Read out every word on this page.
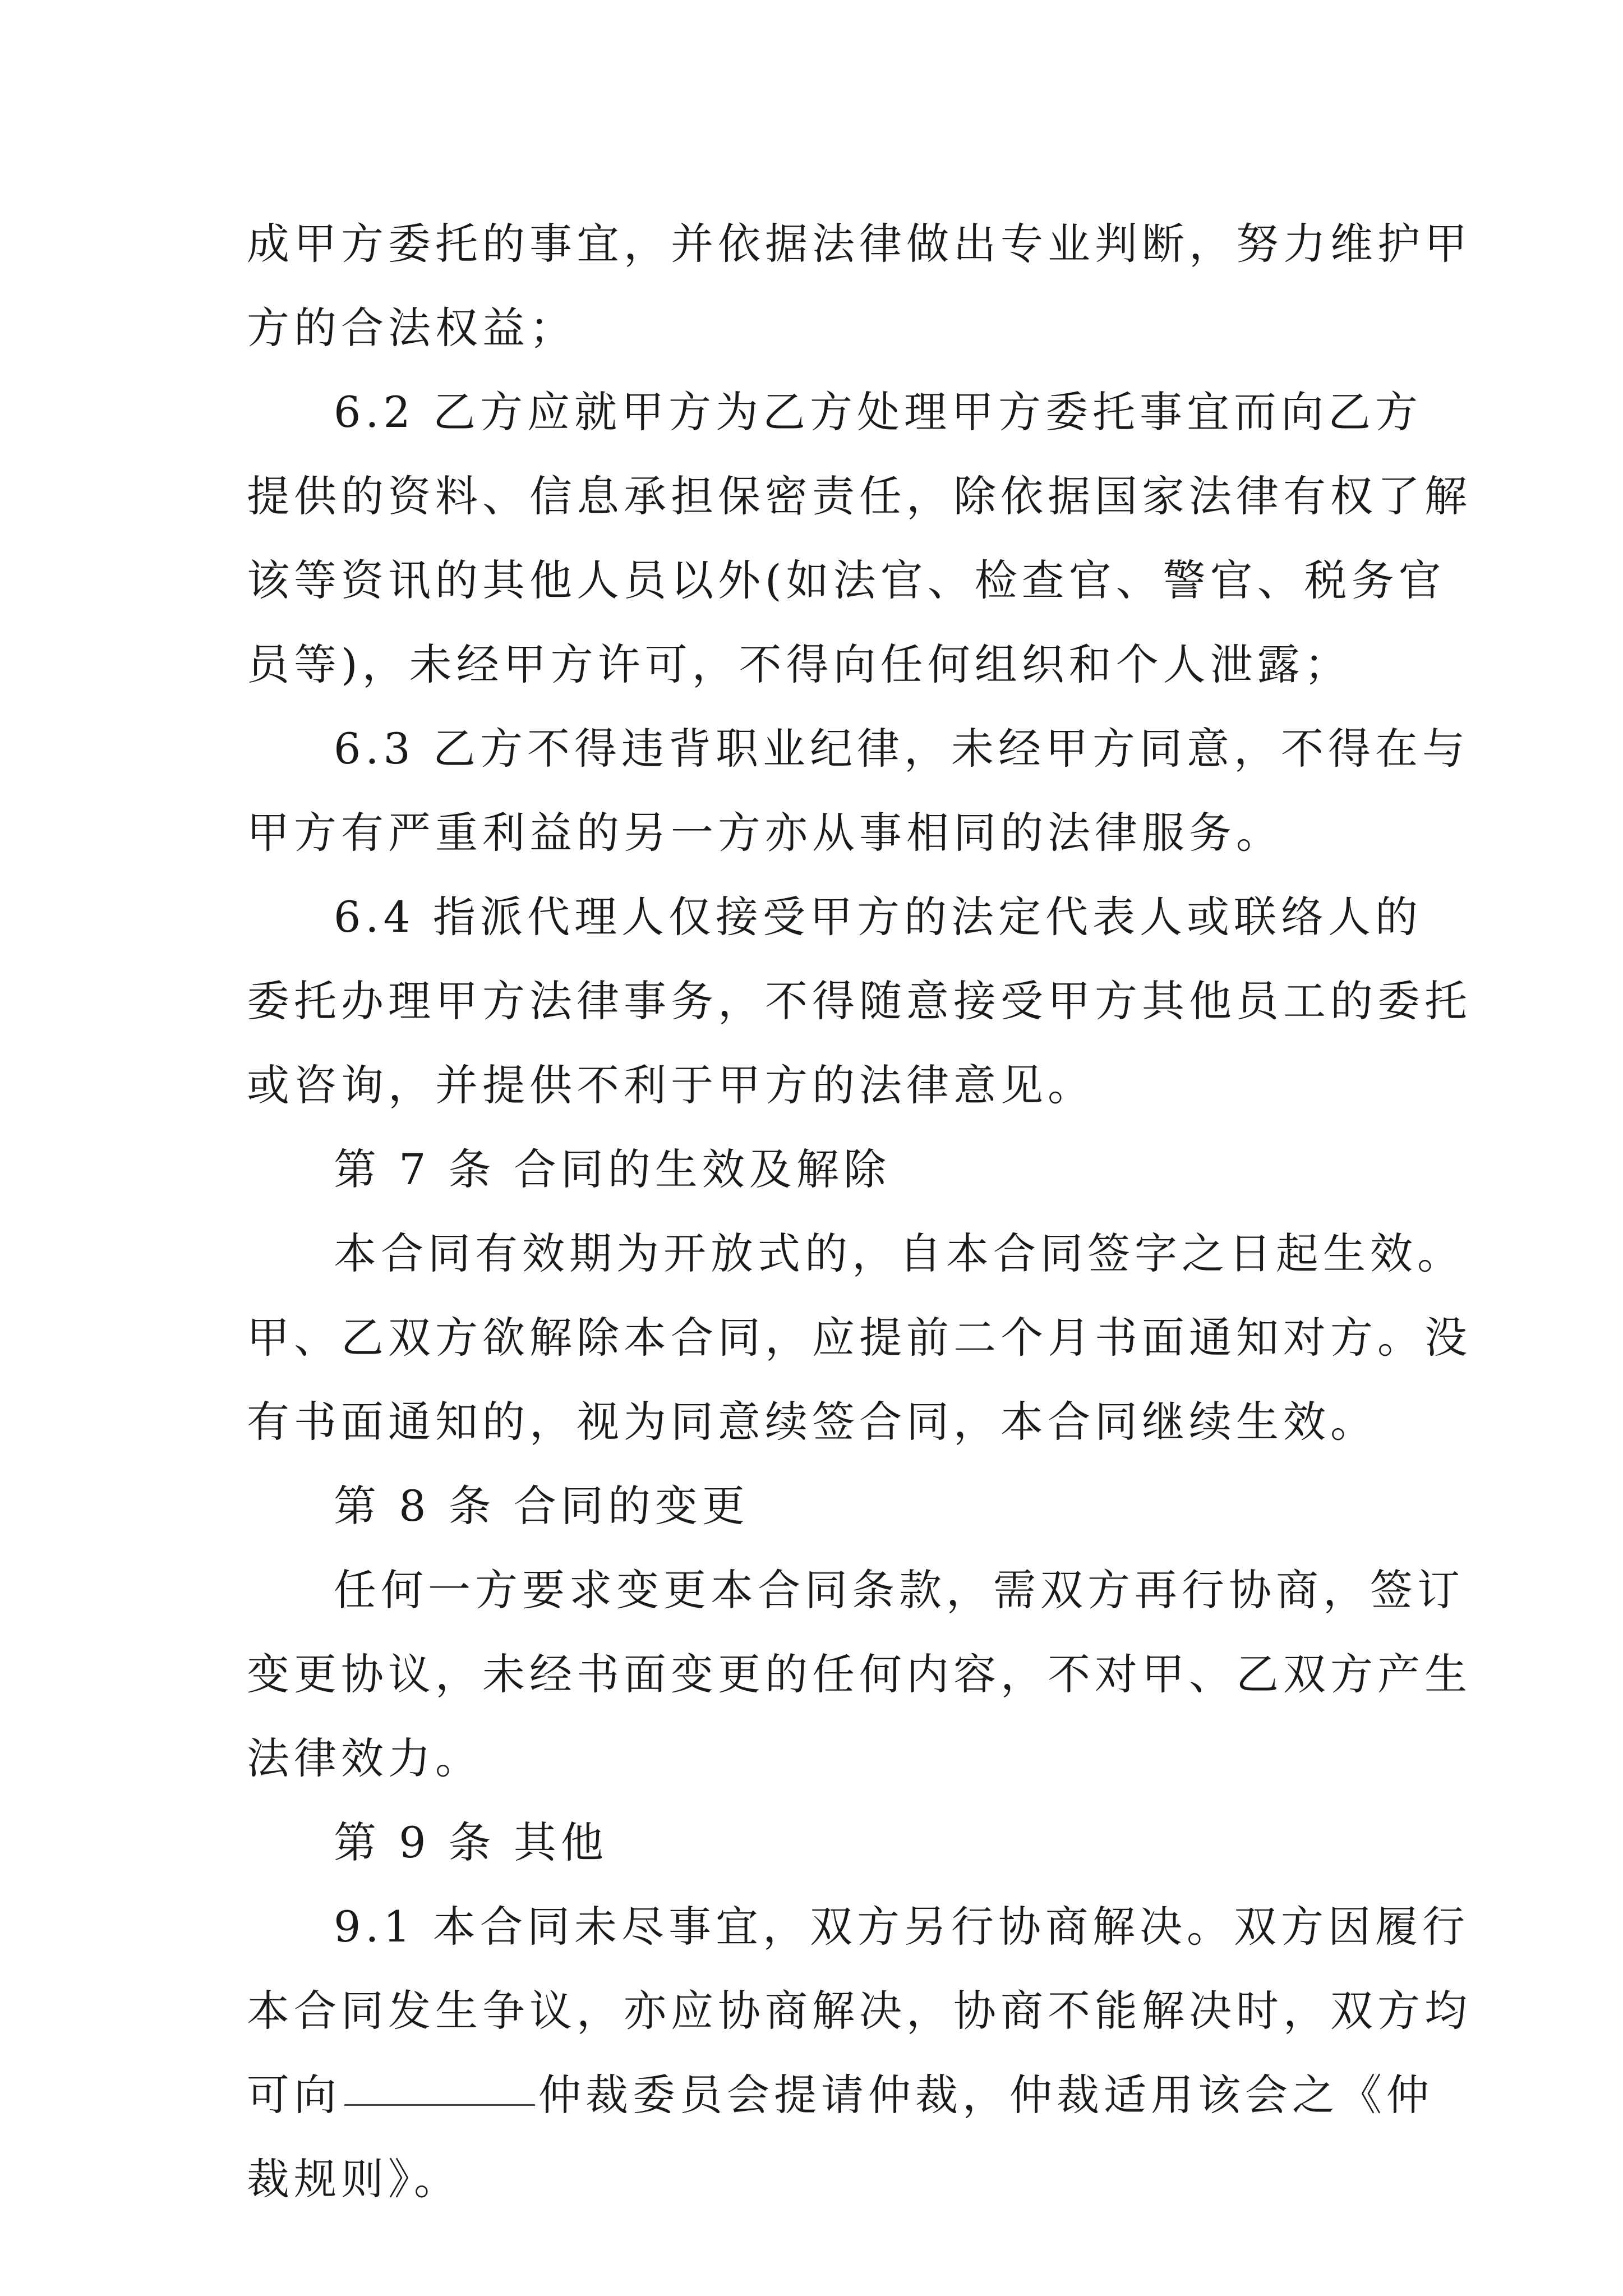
成甲方委托的事宜，并依据法律做出专业判断，努力维护甲
方的合法权益；
6.2 乙方应就甲方为乙方处理甲方委托事宜而向乙方
提供的资料、信息承担保密责任，除依据国家法律有权了解
该等资讯的其他人员以外(如法官、检查官、警官、税务官
员等)，未经甲方许可，不得向任何组织和个人泄露；
6.3 乙方不得违背职业纪律，未经甲方同意，不得在与
甲方有严重利益的另一方亦从事相同的法律服务。
6.4 指派代理人仅接受甲方的法定代表人或联络人的
委托办理甲方法律事务，不得随意接受甲方其他员工的委托
或咨询，并提供不利于甲方的法律意见。
第 7 条 合同的生效及解除
本合同有效期为开放式的，自本合同签字之日起生效。
甲、乙双方欲解除本合同，应提前二个月书面通知对方。没
有书面通知的，视为同意续签合同，本合同继续生效。
第 8 条 合同的变更
任何一方要求变更本合同条款，需双方再行协商，签订
变更协议，未经书面变更的任何内容，不对甲、乙双方产生
法律效力。
第 9 条 其他
9.1 本合同未尽事宜，双方另行协商解决。双方因履行
本合同发生争议，亦应协商解决，协商不能解决时，双方均
可向	仲裁委员会提请仲裁，仲裁适用该会之《仲
裁规则》。
